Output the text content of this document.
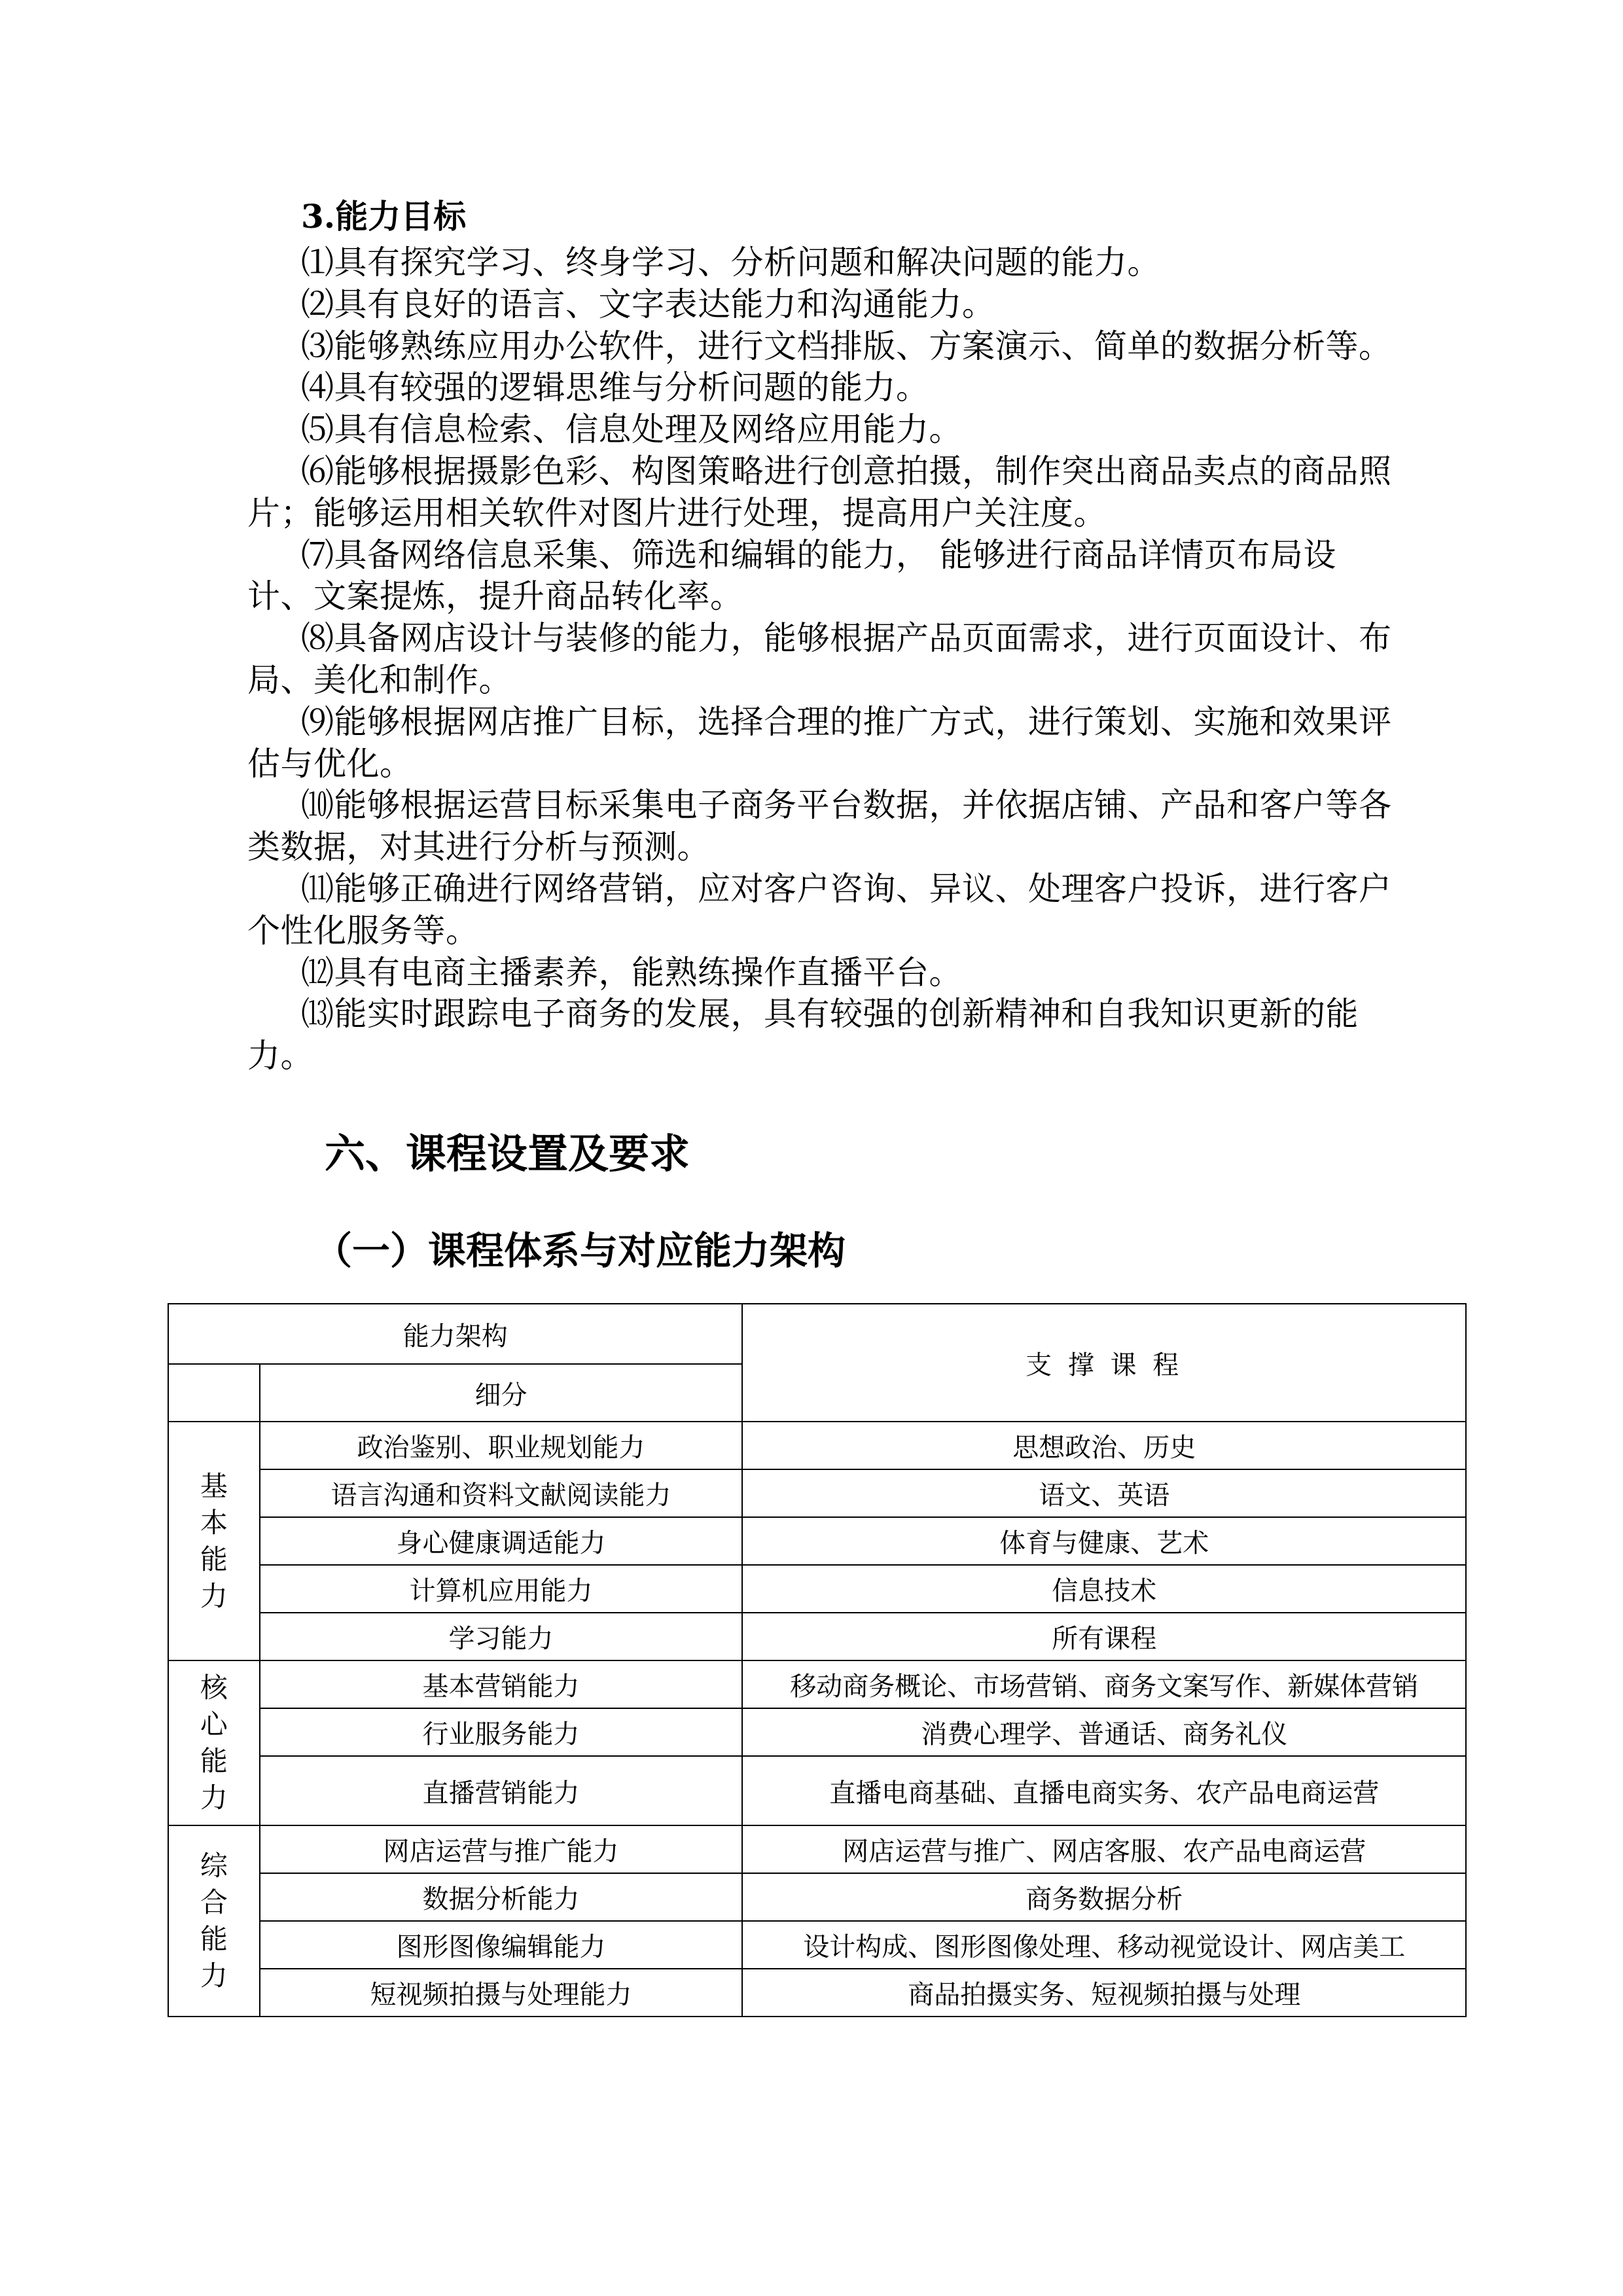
3.能力目标

⑴具有探究学习、终身学习、分析问题和解决问题的能力。

⑵具有良好的语言、文字表达能力和沟通能力。

⑶能够熟练应用办公软件，进行文档排版、方案演示、简单的数据分析等。

⑷具有较强的逻辑思维与分析问题的能力。

⑸具有信息检索、信息处理及网络应用能力。

⑹能够根据摄影色彩、构图策略进行创意拍摄，制作突出商品卖点的商品照片；能够运用相关软件对图片进行处理，提高用户关注度。

⑺具备网络信息采集、筛选和编辑的能力， 能够进行商品详情页布局设计、文案提炼，提升商品转化率。

⑻具备网店设计与装修的能力，能够根据产品页面需求，进行页面设计、布局、美化和制作。

⑼能够根据网店推广目标，选择合理的推广方式，进行策划、实施和效果评估与优化。

⑽能够根据运营目标采集电子商务平台数据，并依据店铺、产品和客户等各类数据，对其进行分析与预测。

⑾能够正确进行网络营销，应对客户咨询、异议、处理客户投诉，进行客户个性化服务等。

⑿具有电商主播素养，能熟练操作直播平台。

⒀能实时跟踪电子商务的发展，具有较强的创新精神和自我知识更新的能力。

六、课程设置及要求
（一）课程体系与对应能力架构
能力架构		支 撑 课 程
	细分	
基本能力	政治鉴别、职业规划能力	思想政治、历史
	语言沟通和资料文献阅读能力	语文、英语
	身心健康调适能力	体育与健康、艺术
	计算机应用能力	信息技术
	学习能力	所有课程
核心能力	基本营销能力	移动商务概论、市场营销、商务文案写作、新媒体营销
	行业服务能力	消费心理学、普通话、商务礼仪
	直播营销能力	直播电商基础、直播电商实务、农产品电商运营
综合能力	网店运营与推广能力	网店运营与推广、网店客服、农产品电商运营
	数据分析能力	商务数据分析
	图形图像编辑能力	设计构成、图形图像处理、移动视觉设计、网店美工
	短视频拍摄与处理能力	商品拍摄实务、短视频拍摄与处理
